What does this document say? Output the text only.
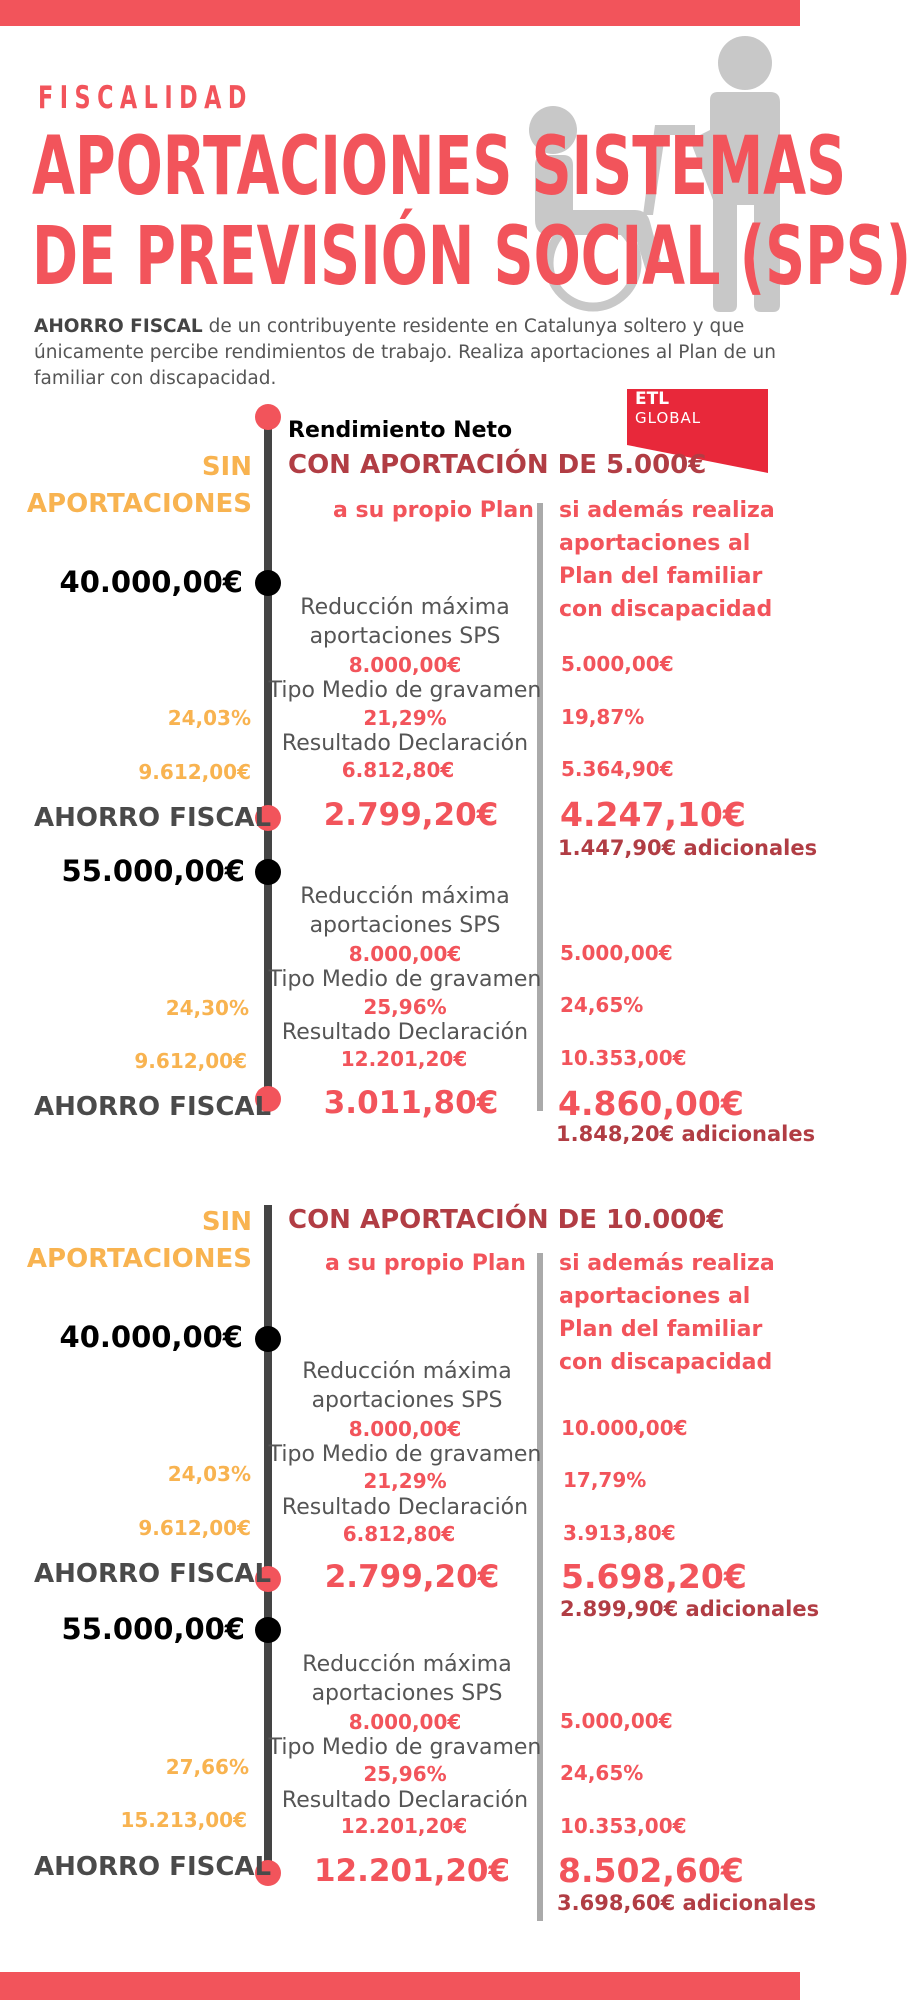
FISCALIDAD
APORTACIONES SISTEMAS
DE PREVISIÓN SOCIAL (SPS)
AHORRO FISCAL de un contribuyente residente en Catalunya soltero y que únicamente percibe rendimientos de trabajo. Realiza aportaciones al Plan de un familiar con discapacidad.
ETL
GLOBAL
Rendimiento Neto
SIN
APORTACIONES
CON APORTACIÓN DE 5.000€
a su propio Plan si además realiza
aportaciones al
Plan del familiar
con discapacidad
40.000,00€
Reducción máxima
aportaciones SPS
8.000,00€	5.000,00€
Tipo Medio de gravamen
24,03%	21,29%	19,87%
Resultado Declaración
9.612,00€	6.812,80€	5.364,90€
AHORRO FISCAL 2.799,20€ 4.247,10€
1.447,90€ adicionales
55.000,00€
Reducción máxima
aportaciones SPS
8.000,00€	5.000,00€
Tipo Medio de gravamen
24,30%	25,96%	24,65%
Resultado Declaración
9.612,00€	12.201,20€	10.353,00€
AHORRO FISCAL 3.011,80€ 4.860,00€
1.848,20€ adicionales
SIN
APORTACIONES
CON APORTACIÓN DE 10.000€
a su propio Plan si además realiza
aportaciones al
Plan del familiar
con discapacidad
40.000,00€
Reducción máxima
aportaciones SPS
8.000,00€	10.000,00€
Tipo Medio de gravamen
24,03%	21,29%	17,79%
Resultado Declaración
9.612,00€	6.812,80€	3.913,80€
AHORRO FISCAL 2.799,20€ 5.698,20€
2.899,90€ adicionales
55.000,00€
Reducción máxima
aportaciones SPS
8.000,00€	5.000,00€
Tipo Medio de gravamen
27,66%	25,96%	24,65%
Resultado Declaración
15.213,00€	12.201,20€	10.353,00€
AHORRO FISCAL 12.201,20€ 8.502,60€
3.698,60€ adicionales
